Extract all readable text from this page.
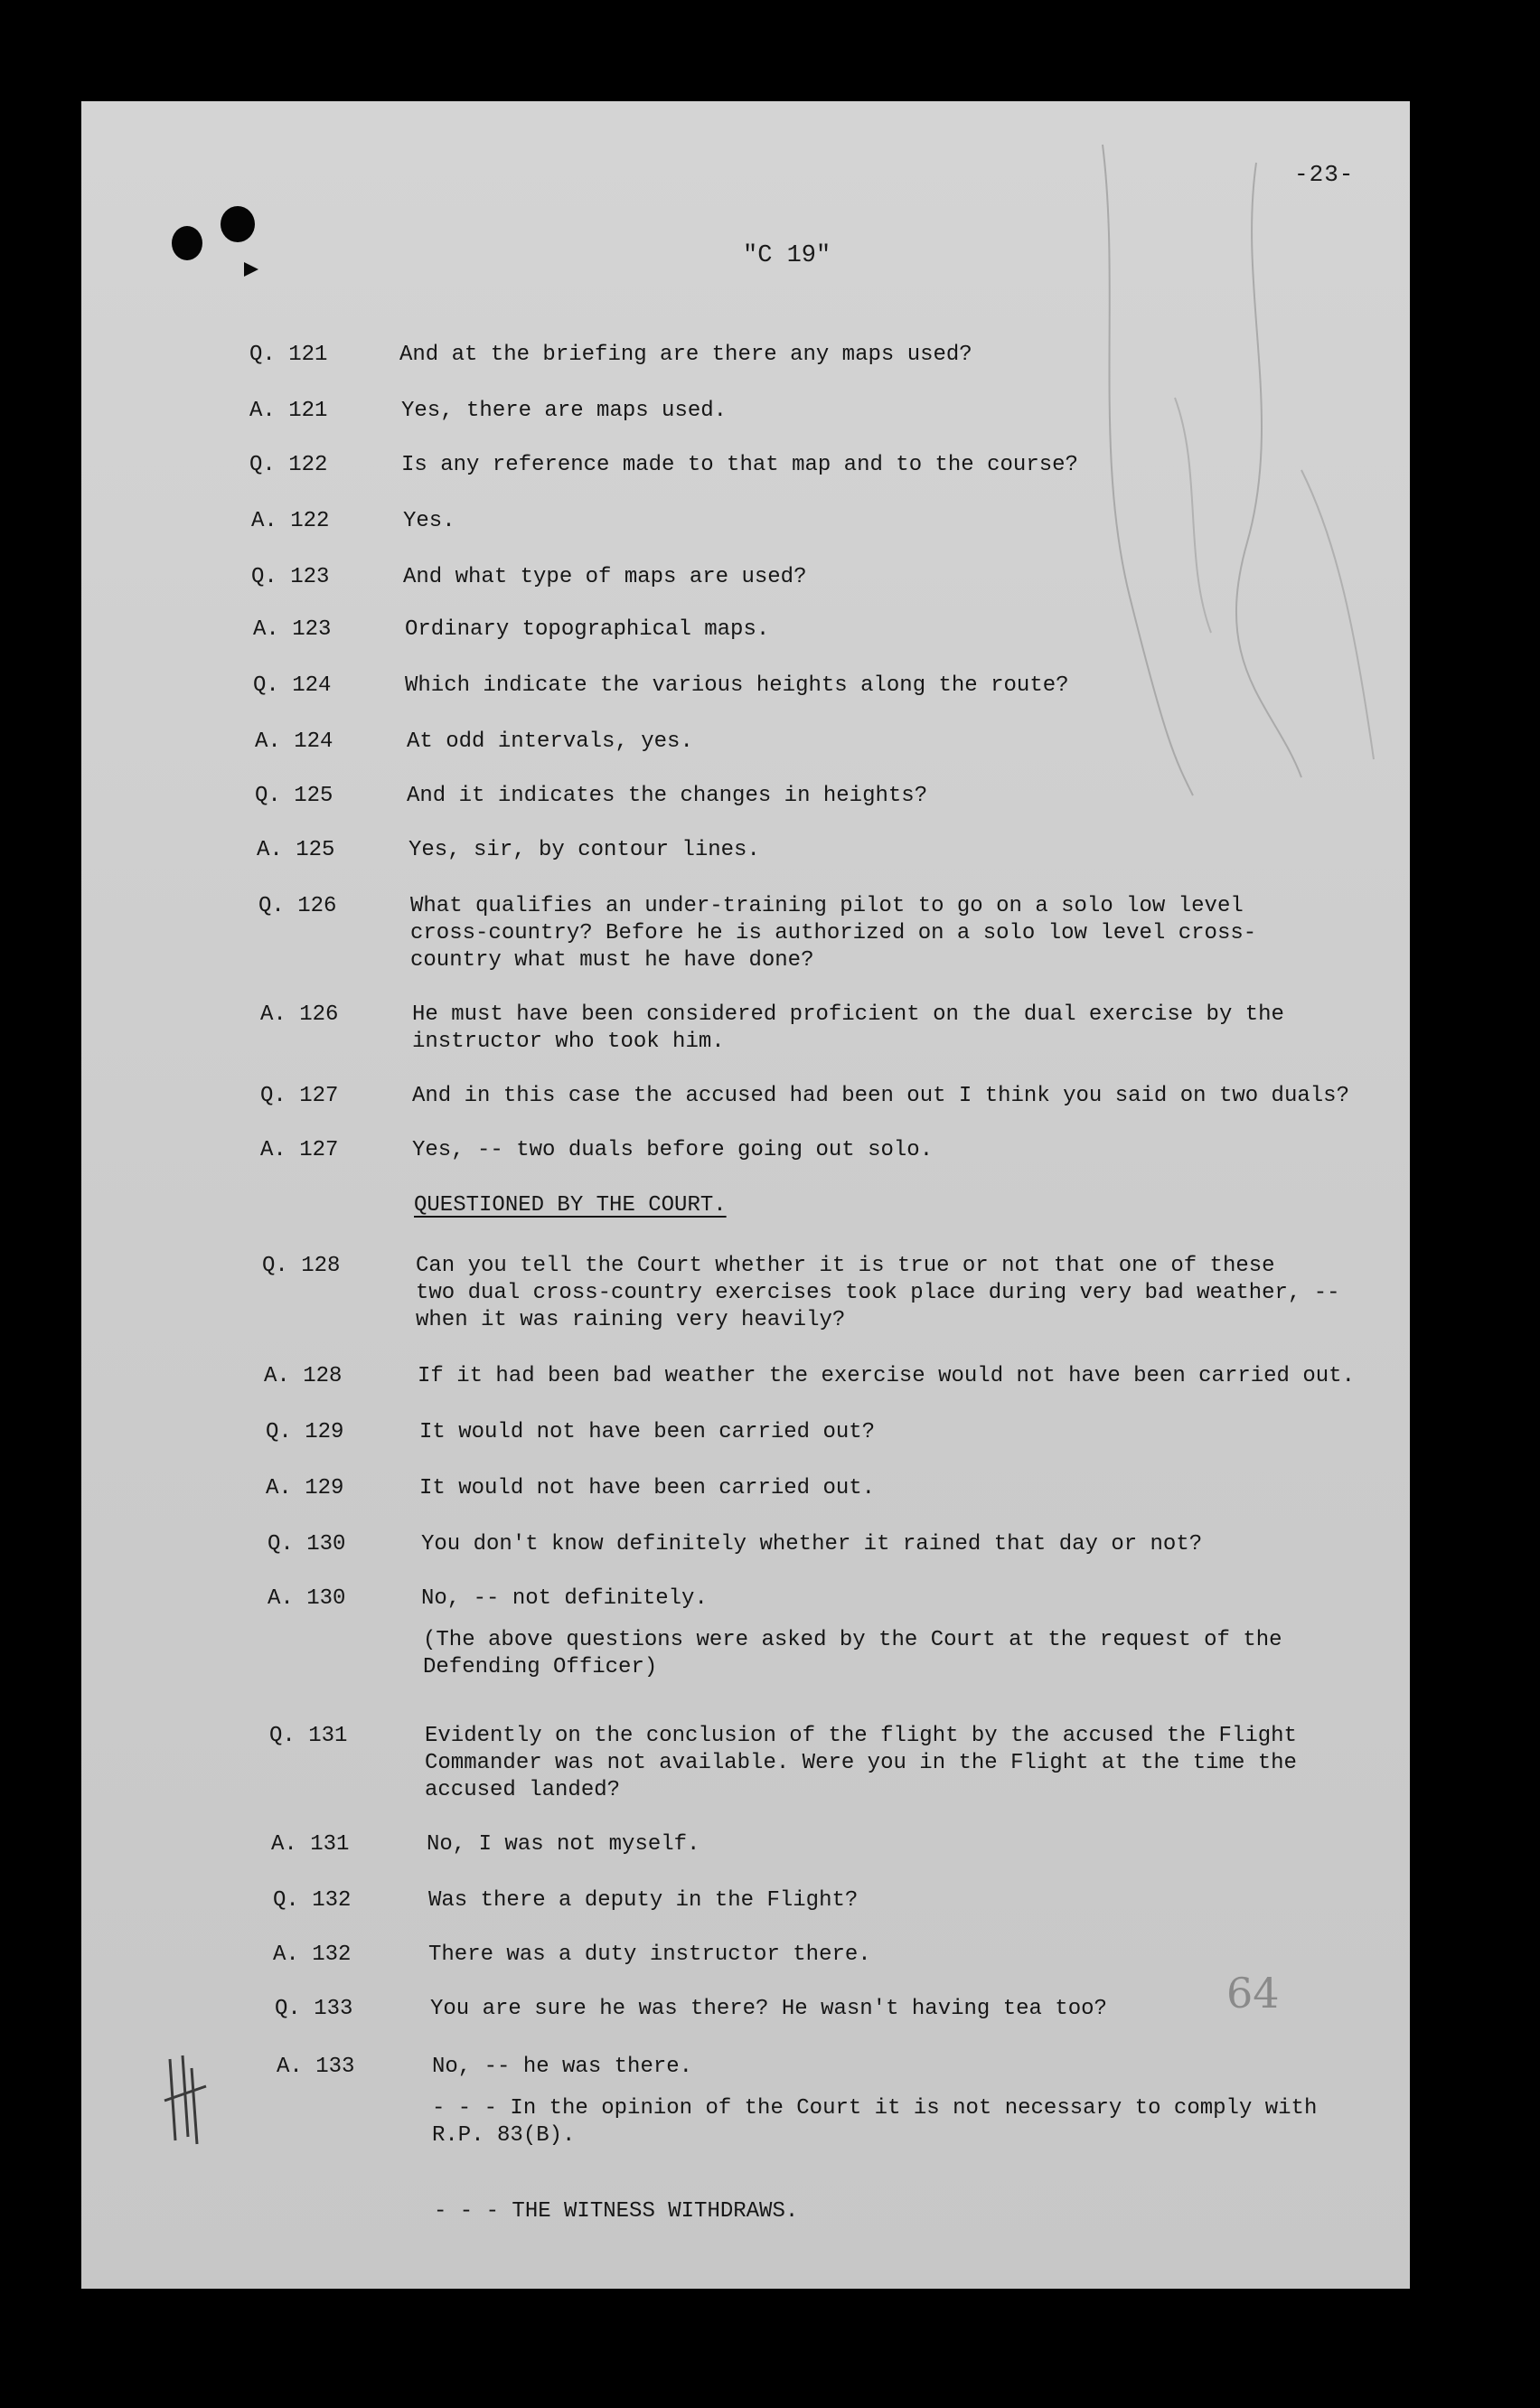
-23-
"C 19"
64
Q. 121	And at the briefing are there any maps used?
A. 121	Yes, there are maps used.
Q. 122	Is any reference made to that map and to the course?
A. 122	Yes.
Q. 123	And what type of maps are used?
A. 123	Ordinary topographical maps.
Q. 124	Which indicate the various heights along the route?
A. 124	At odd intervals, yes.
Q. 125	And it indicates the changes in heights?
A. 125	Yes, sir, by contour lines.
Q. 126	What qualifies an under-training pilot to go on a solo low level
cross-country? Before he is authorized on a solo low level cross-
country what must he have done?
A. 126	He must have been considered proficient on the dual exercise by the
instructor who took him.
Q. 127	And in this case the accused had been out I think you said on two duals?
A. 127	Yes, -- two duals before going out solo.
QUESTIONED BY THE COURT.
Q. 128	Can you tell the Court whether it is true or not that one of these
two dual cross-country exercises took place during very bad weather, --
when it was raining very heavily?
A. 128	If it had been bad weather the exercise would not have been carried out.
Q. 129	It would not have been carried out?
A. 129	It would not have been carried out.
Q. 130	You don't know definitely whether it rained that day or not?
A. 130	No, -- not definitely.
(The above questions were asked by the Court at the request of the
Defending Officer)
Q. 131	Evidently on the conclusion of the flight by the accused the Flight
Commander was not available. Were you in the Flight at the time the
accused landed?
A. 131	No, I was not myself.
Q. 132	Was there a deputy in the Flight?
A. 132	There was a duty instructor there.
Q. 133	You are sure he was there? He wasn't having tea too?
A. 133	No, -- he was there.
- - - In the opinion of the Court it is not necessary to comply with
R.P. 83(B).
- - - THE WITNESS WITHDRAWS.
